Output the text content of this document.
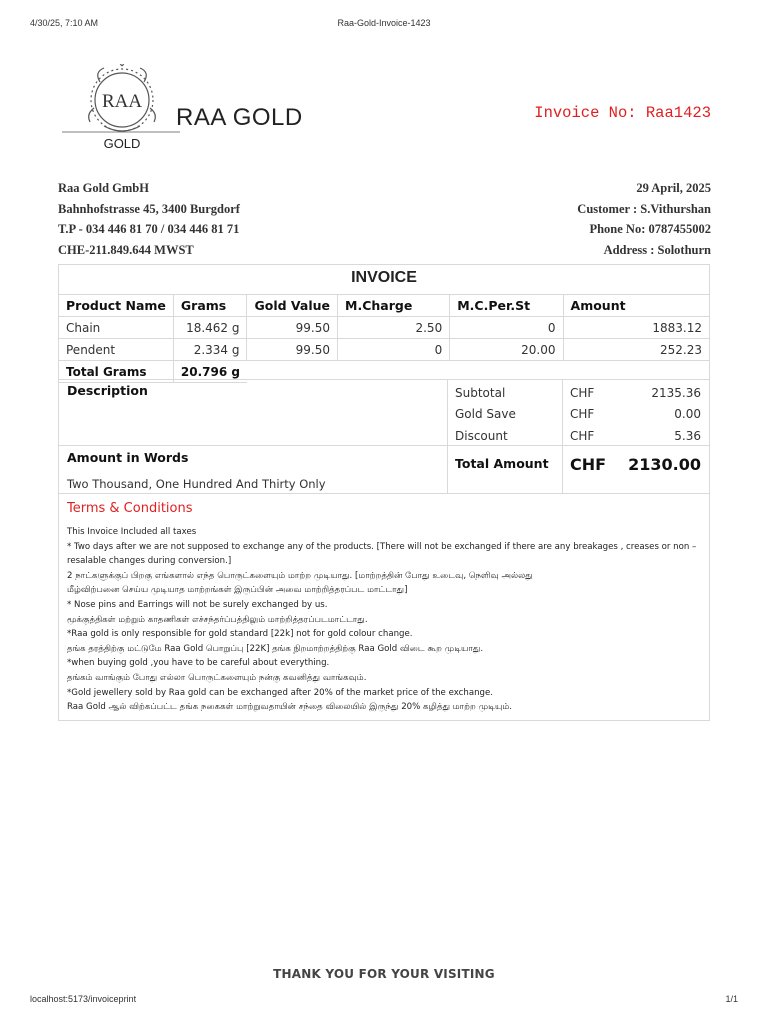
4/30/25, 7:10 AM	Raa-Gold-Invoice-1423
RAA
GOLD
RAA GOLD	Invoice No: Raa1423
Raa Gold GmbH
Bahnhofstrasse 45, 3400 Burgdorf
T.P - 034 446 81 70 / 034 446 81 71
CHE-211.849.644 MWST
29 April, 2025
Customer : S.Vithurshan
Phone No: 0787455002
Address : Solothurn
INVOICE
Product Name	Grams	Gold Value	M.Charge	M.C.Per.St	Amount
Chain	18.462 g	99.50	2.50	0	1883.12
Pendent	2.334 g	99.50	0	20.00	252.23
Total Grams	20.796 g				
Description	Subtotal	CHF	2135.36
Gold Save	CHF	0.00
Discount	CHF	5.36
Amount in Words
Two Thousand, One Hundred And Thirty Only
Total Amount CHF 2130.00
Terms & Conditions
This Invoice Included all taxes
* Two days after we are not supposed to exchange any of the products. [There will not be exchanged if there are any breakages , creases or non –
resalable changes during conversion.]
2 நாட்களுக்குப் பிறகு எங்களால் எந்த பொருட்களையும் மாற்ற முடியாது. [மாற்றத்தின் போது உடைவு, நெளிவு அல்லது
மீழ்விற்பனை செய்ய முடியாத மாற்றங்கள் இருப்பின் அவை மாற்றித்தரப்பட மாட்டாது]
* Nose pins and Earrings will not be surely exchanged by us.
மூக்குத்திகள் மற்றும் காதணிகள் எச்சந்தர்ப்பத்திலும் மாற்றித்தரப்படமாட்டாது.
*Raa gold is only responsible for gold standard [22k] not for gold colour change.
தங்க தரத்திற்கு மட்டுமே Raa Gold பொறுப்பு [22K] தங்க நிறமாற்றத்திற்கு Raa Gold விடை கூற முடியாது.
*when buying gold ,you have to be careful about everything.
தங்கம் வாங்கும் போது எல்லா பொருட்களையும் நன்கு கவனித்து வாங்கவும்.
*Gold jewellery sold by Raa gold can be exchanged after 20% of the market price of the exchange.
Raa Gold ஆல் விற்கப்பட்ட தங்க நகைகள் மாற்றுவதாயின் சந்தை விலையில் இருந்து 20% கழித்து மாற்ற முடியும்.
THANK YOU FOR YOUR VISITING
localhost:5173/invoiceprint	1/1
